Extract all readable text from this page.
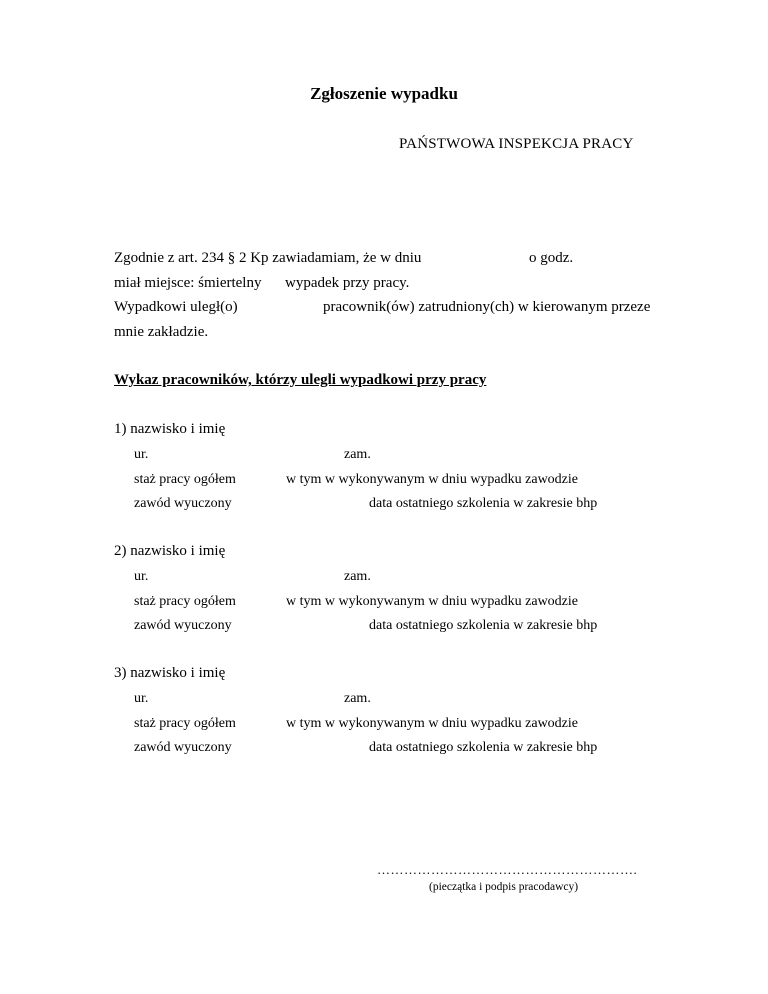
Zgłoszenie wypadku
PAŃSTWOWA INSPEKCJA PRACY
Zgodnie z art. 234 § 2 Kp zawiadamiam, że w dniu	o godz.
miał miejsce: śmiertelny wypadek przy pracy.
Wypadkowi uległ(o)	pracownik(ów) zatrudniony(ch) w kierowanym przeze
mnie zakładzie.
Wykaz pracowników, którzy ulegli wypadkowi przy pracy
1) nazwisko i imię
ur.	zam.
staż pracy ogółem	w tym w wykonywanym w dniu wypadku zawodzie
zawód wyuczony	data ostatniego szkolenia w zakresie bhp
2) nazwisko i imię
ur.	zam.
staż pracy ogółem	w tym w wykonywanym w dniu wypadku zawodzie
zawód wyuczony	data ostatniego szkolenia w zakresie bhp
3) nazwisko i imię
ur.	zam.
staż pracy ogółem	w tym w wykonywanym w dniu wypadku zawodzie
zawód wyuczony	data ostatniego szkolenia w zakresie bhp
………………………………………………….
(pieczątka i podpis pracodawcy)
